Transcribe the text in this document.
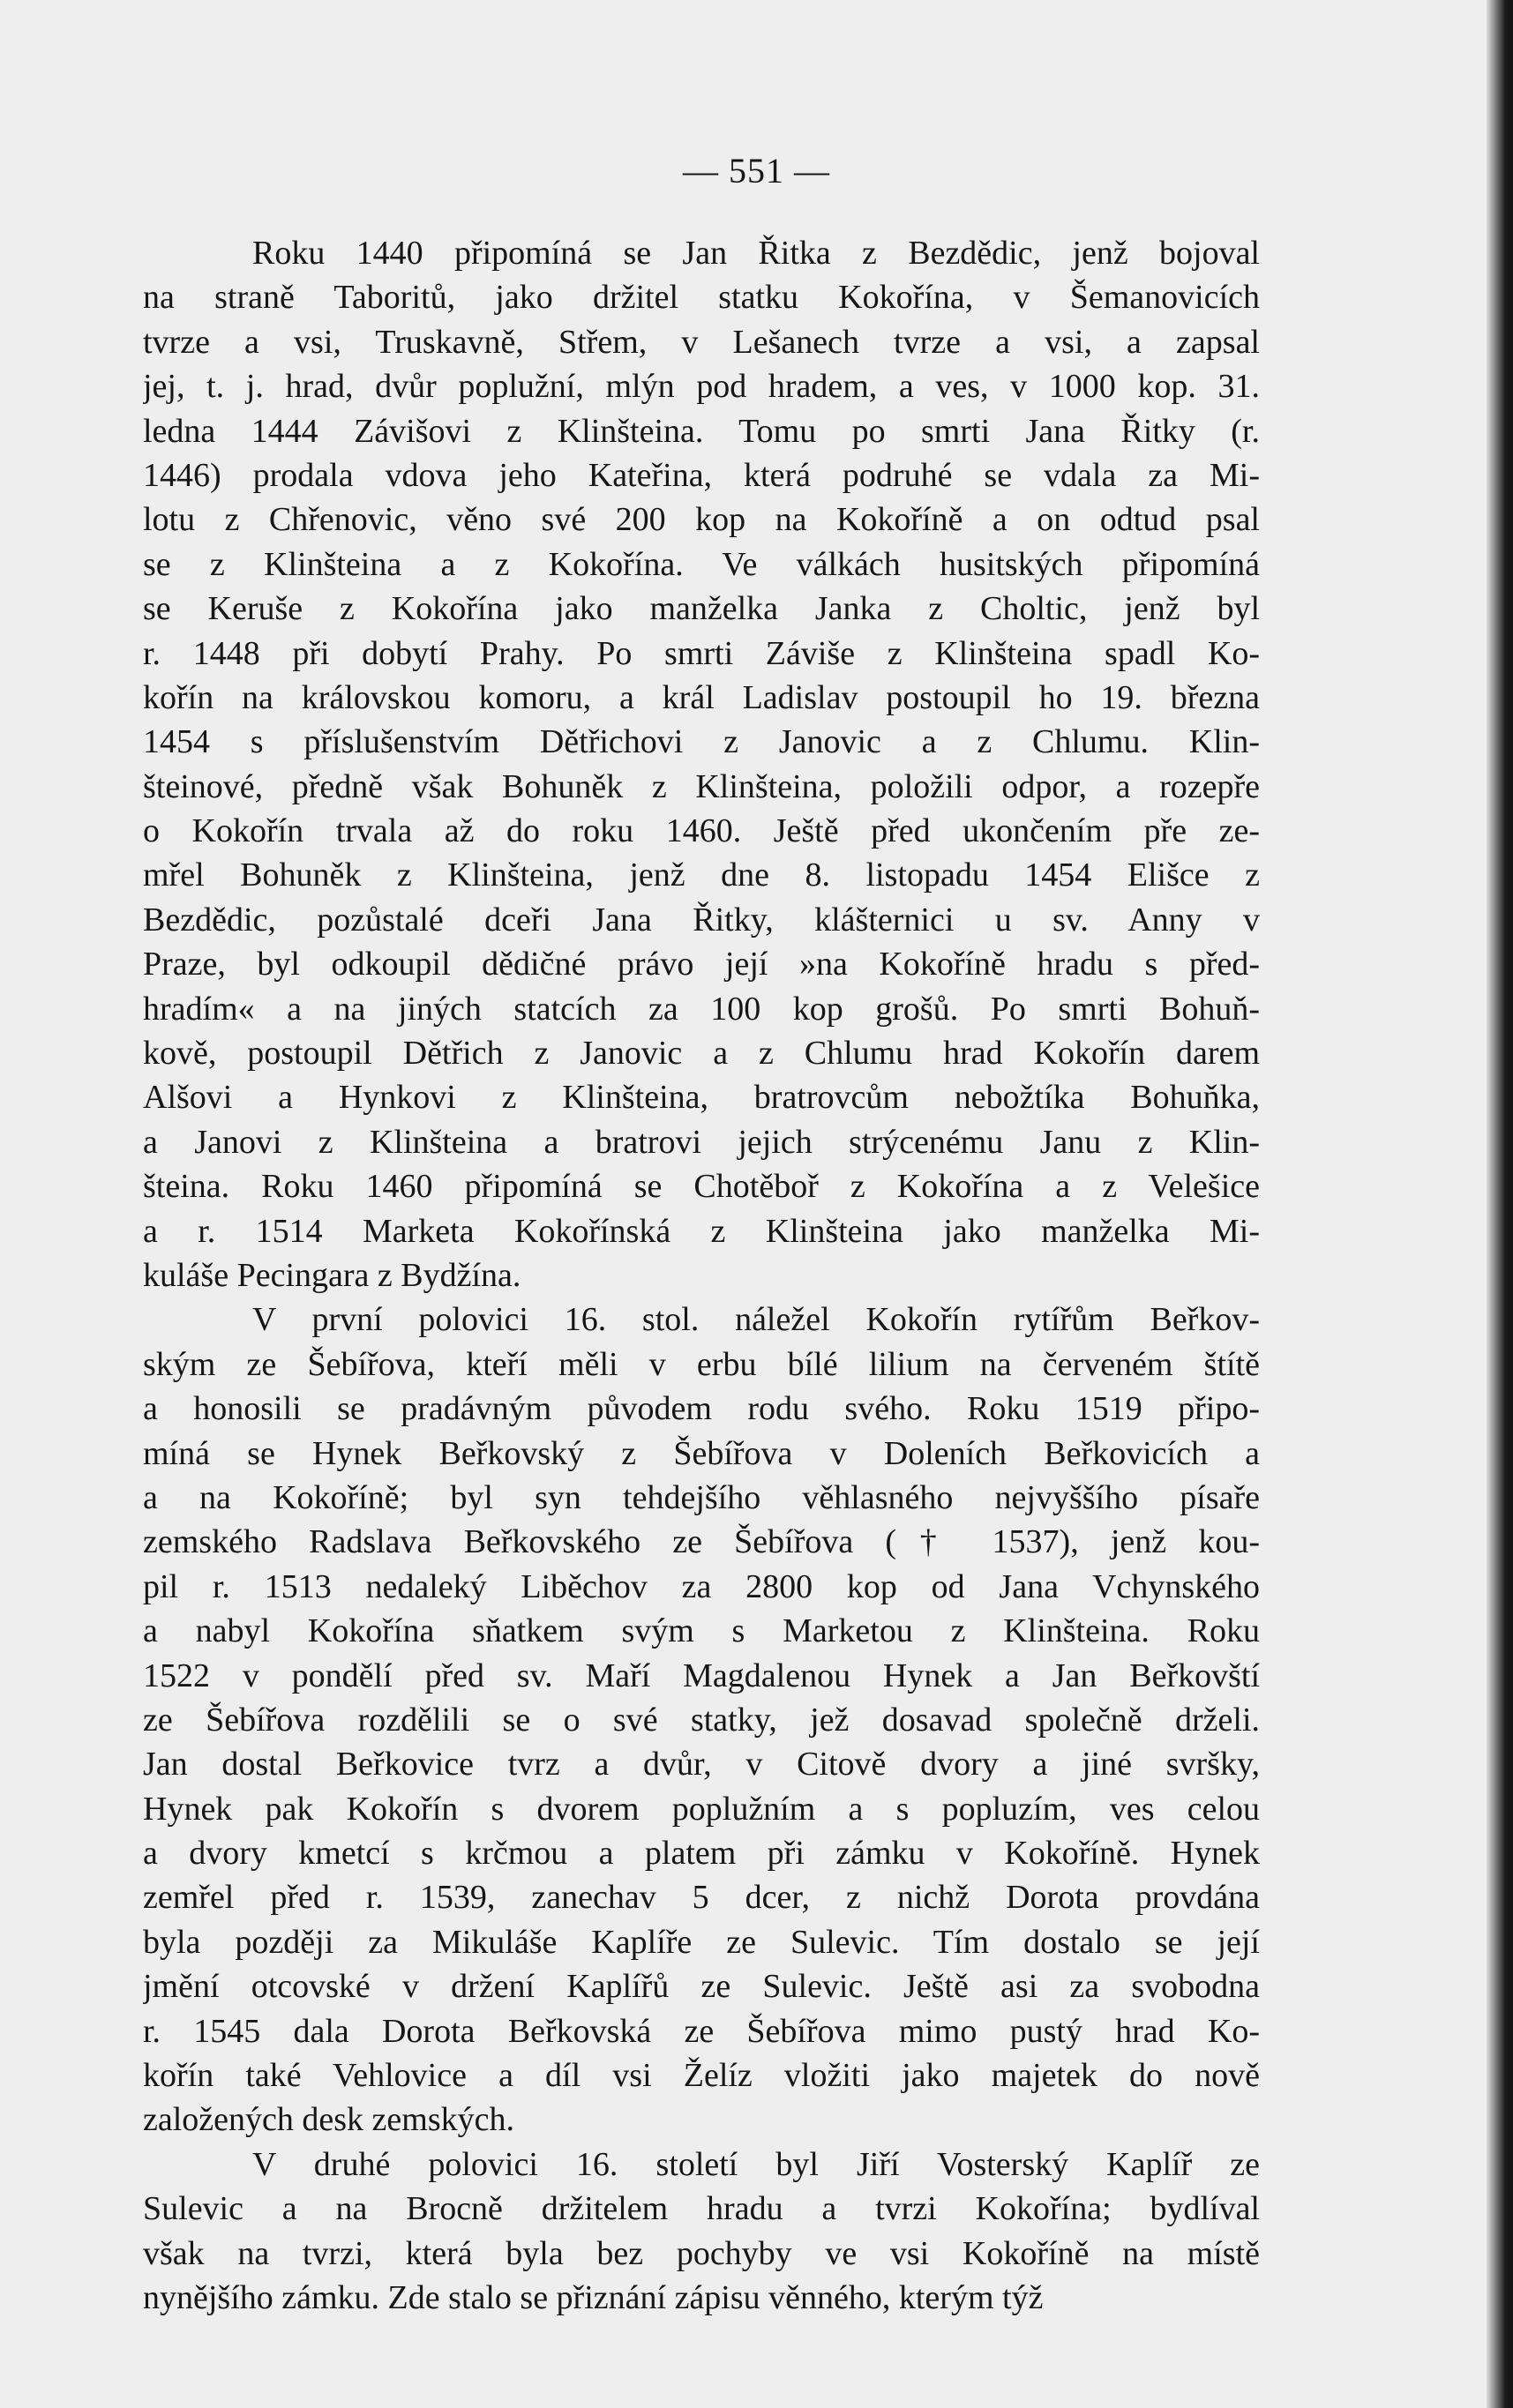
— 551 —
Roku 1440 připomíná se Jan Řitka z Bezdědic, jenž bojoval
na straně Taboritů, jako držitel statku Kokořína, v Šemanovicích
tvrze a vsi, Truskavně, Střem, v Lešanech tvrze a vsi, a zapsal
jej, t. j. hrad, dvůr poplužní, mlýn pod hradem, a ves, v 1000 kop. 31.
ledna 1444 Závišovi z Klinšteina. Tomu po smrti Jana Řitky (r.
1446) prodala vdova jeho Kateřina, která podruhé se vdala za Mi-
lotu z Chřenovic, věno své 200 kop na Kokoříně a on odtud psal
se z Klinšteina a z Kokořína. Ve válkách husitských připomíná
se Keruše z Kokořína jako manželka Janka z Choltic, jenž byl
r. 1448 při dobytí Prahy. Po smrti Záviše z Klinšteina spadl Ko-
kořín na královskou komoru, a král Ladislav postoupil ho 19. března
1454 s příslušenstvím Dětřichovi z Janovic a z Chlumu. Klin-
šteinové, předně však Bohuněk z Klinšteina, položili odpor, a rozepře
o Kokořín trvala až do roku 1460. Ještě před ukončením pře ze-
mřel Bohuněk z Klinšteina, jenž dne 8. listopadu 1454 Elišce z
Bezdědic, pozůstalé dceři Jana Řitky, klášternici u sv. Anny v
Praze, byl odkoupil dědičné právo její »na Kokoříně hradu s před-
hradím« a na jiných statcích za 100 kop grošů. Po smrti Bohuň-
kově, postoupil Dětřich z Janovic a z Chlumu hrad Kokořín darem
Alšovi a Hynkovi z Klinšteina, bratrovcům nebožtíka Bohuňka,
a Janovi z Klinšteina a bratrovi jejich strýcenému Janu z Klin-
šteina. Roku 1460 připomíná se Chotěboř z Kokořína a z Velešice
a r. 1514 Marketa Kokořínská z Klinšteina jako manželka Mi-
kuláše Pecingara z Bydžína.
V první polovici 16. stol. náležel Kokořín rytířům Beřkov-
ským ze Šebířova, kteří měli v erbu bílé lilium na červeném štítě
a honosili se pradávným původem rodu svého. Roku 1519 připo-
míná se Hynek Beřkovský z Šebířova v Doleních Beřkovicích a
a na Kokoříně; byl syn tehdejšího věhlasného nejvyššího písaře
zemského Radslava Beřkovského ze Šebířova († 1537), jenž kou-
pil r. 1513 nedaleký Liběchov za 2800 kop od Jana Vchynského
a nabyl Kokořína sňatkem svým s Marketou z Klinšteina. Roku
1522 v pondělí před sv. Maří Magdalenou Hynek a Jan Beřkovští
ze Šebířova rozdělili se o své statky, jež dosavad společně drželi.
Jan dostal Beřkovice tvrz a dvůr, v Citově dvory a jiné svršky,
Hynek pak Kokořín s dvorem poplužním a s popluzím, ves celou
a dvory kmetcí s krčmou a platem při zámku v Kokoříně. Hynek
zemřel před r. 1539, zanechav 5 dcer, z nichž Dorota provdána
byla později za Mikuláše Kaplíře ze Sulevic. Tím dostalo se její
jmění otcovské v držení Kaplířů ze Sulevic. Ještě asi za svobodna
r. 1545 dala Dorota Beřkovská ze Šebířova mimo pustý hrad Ko-
kořín také Vehlovice a díl vsi Želíz vložiti jako majetek do nově
založených desk zemských.
V druhé polovici 16. století byl Jiří Vosterský Kaplíř ze
Sulevic a na Brocně držitelem hradu a tvrzi Kokořína; bydlíval
však na tvrzi, která byla bez pochyby ve vsi Kokoříně na místě
nynějšího zámku. Zde stalo se přiznání zápisu věnného, kterým týž
